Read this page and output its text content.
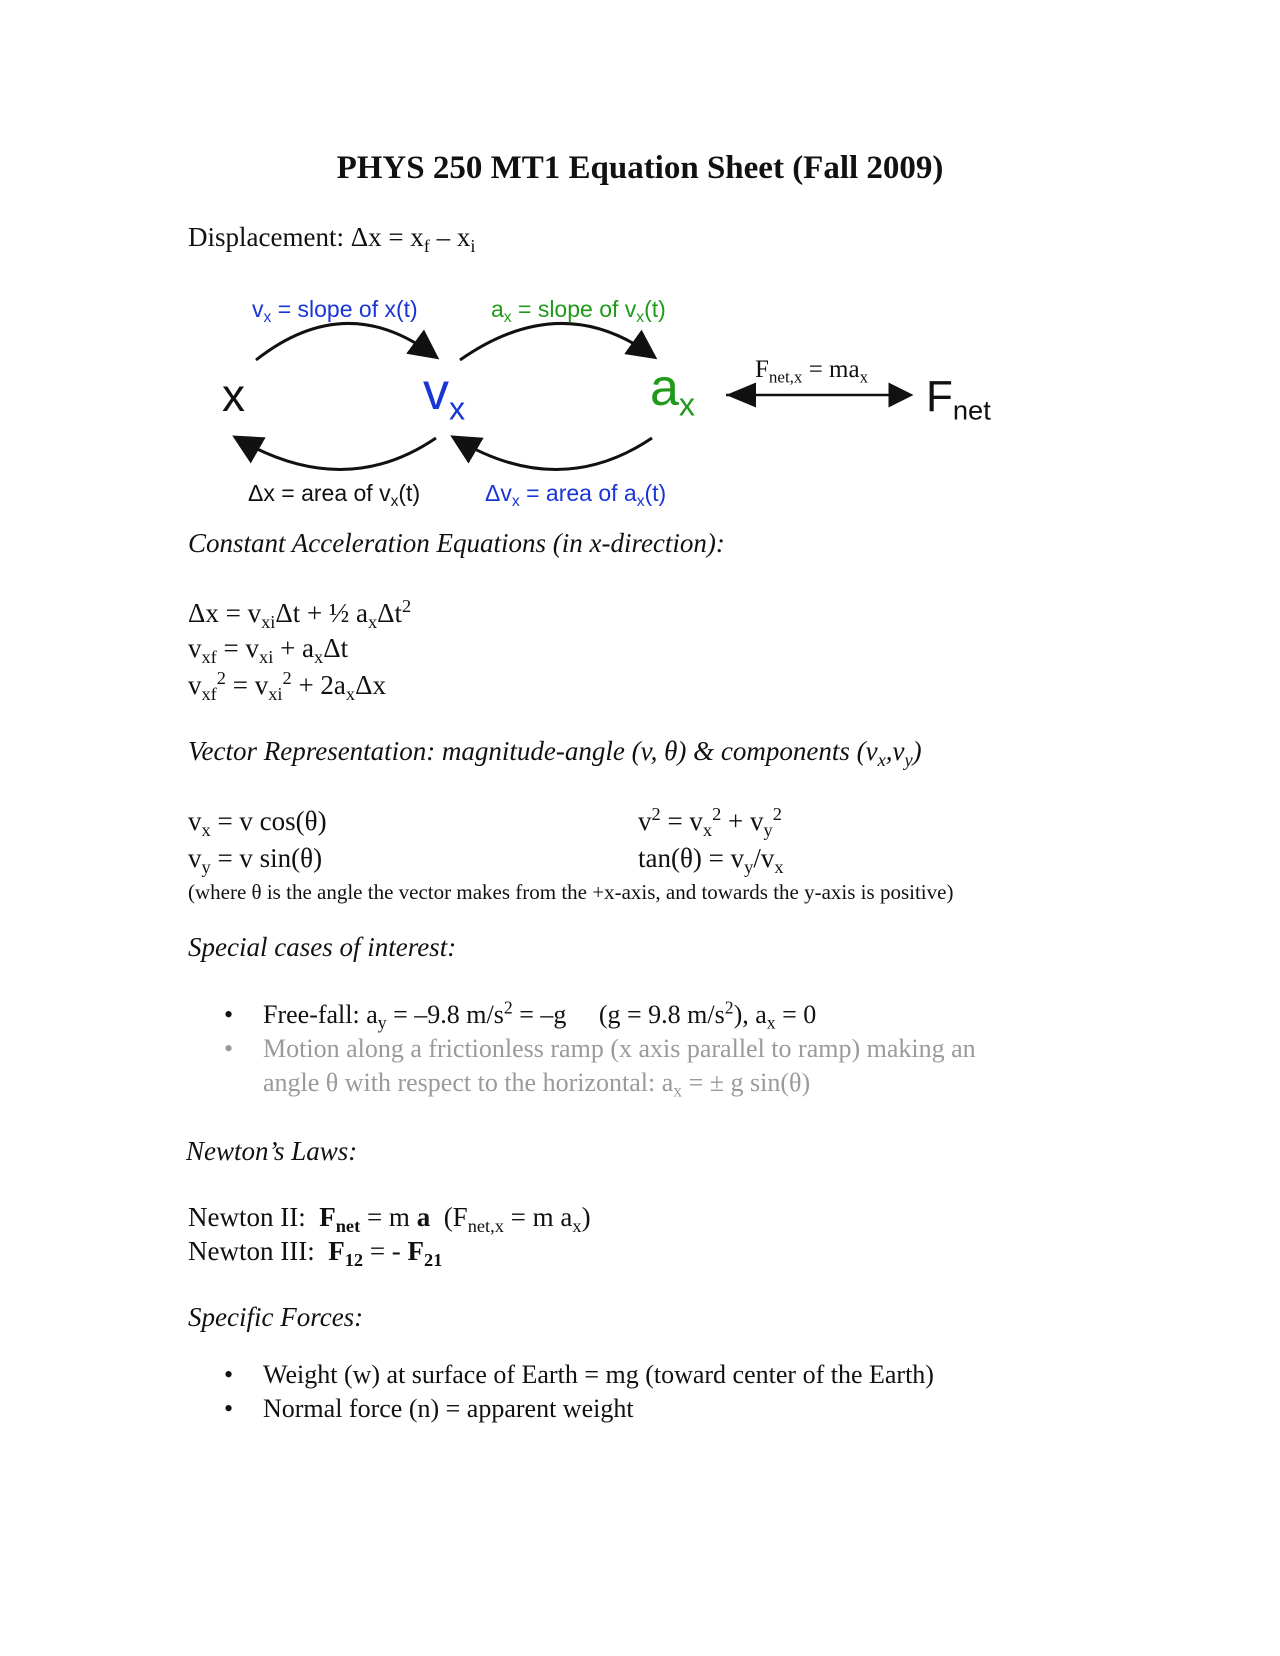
PHYS 250 MT1 Equation Sheet (Fall 2009)
Displacement: $\Delta x = x_f - x_i$
$v_x$ = slope of x(t)	$a_x$ = slope of $v_x(t)$
Δx = area of $v_x(t)$	$\Delta v_x$ = area of $a_x(t)$
x	$v_x$	$a_x$	$F_{net}$
$F_{net,x} = ma_x$
Constant Acceleration Equations (in x-direction):
$\Delta x = v_{xi}\Delta t$ + ½ $a_x\Delta t^2$
$v_{xf} = v_{xi} + a_x\Delta t$
$v_{xf}^2 = v_{xi}^2 + 2a_x\Delta x$
Vector Representation: magnitude-angle (v, θ) & components $(v_x,v_y)$
$v_x = v$ cos(θ)
$v_y = v$ sin(θ)
$v^2 = v_x^2 + v_y^2$
$\tan(\theta) = v_y/v_x$
(where θ is the angle the vector makes from the +x-axis, and towards the y-axis is positive)
Special cases of interest:
• Free-fall: $a_y = -9.8$ $m/s^2 = -g$     (g = 9.8 $m/s^2$), $a_x = 0$
• Motion along a frictionless ramp (x axis parallel to ramp) making an
angle θ with respect to the horizontal: $a_x$ = ± g sin(θ)
Newton’s Laws:
Newton II:  $F_{net} = m$ a  ($F_{net,x} = m$ $a_x$)
Newton III:  $F_{12}$ = - $F_{21}$
Specific Forces:
• Weight (w) at surface of Earth = mg (toward center of the Earth)
• Normal force (n) = apparent weight
